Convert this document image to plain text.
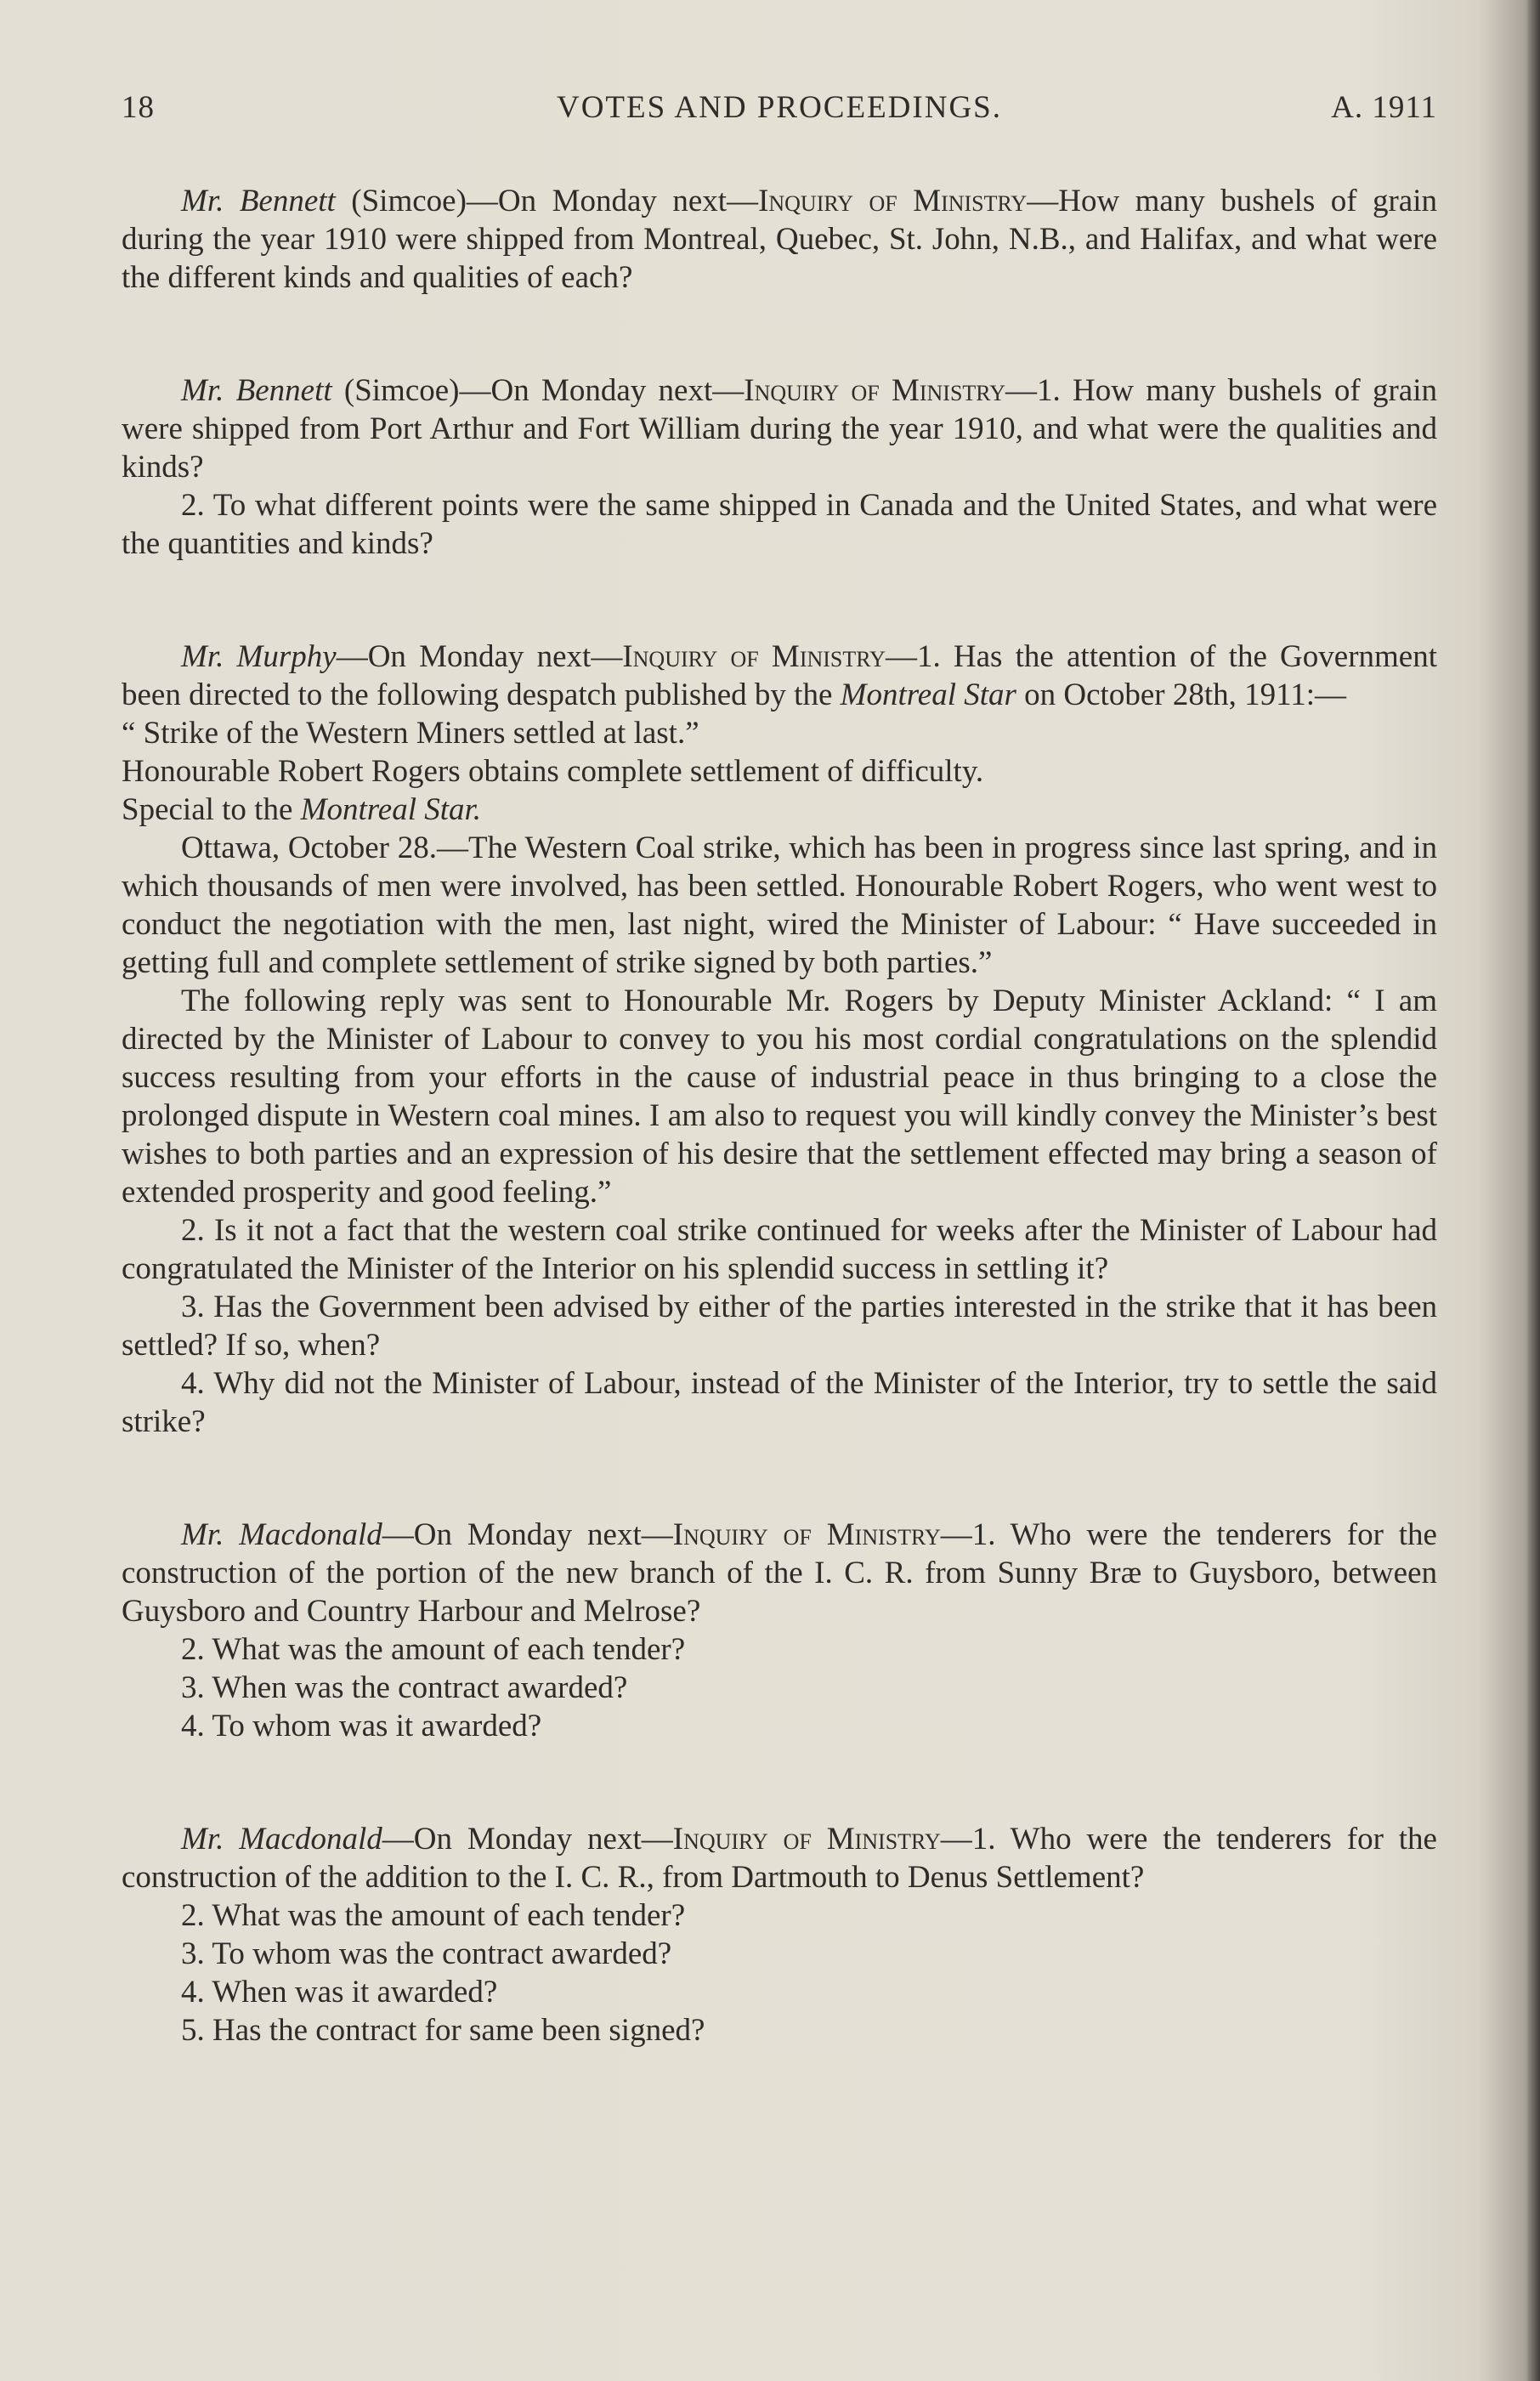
18	VOTES AND PROCEEDINGS.	A. 1911

Mr. Bennett (Simcoe)—On Monday next—Inquiry of Ministry—How many bushels of grain during the year 1910 were shipped from Montreal, Quebec, St. John, N.B., and Halifax, and what were the different kinds and qualities of each?

Mr. Bennett (Simcoe)—On Monday next—Inquiry of Ministry—1. How many bushels of grain were shipped from Port Arthur and Fort William during the year 1910, and what were the qualities and kinds?

2. To what different points were the same shipped in Canada and the United States, and what were the quantities and kinds?

Mr. Murphy—On Monday next—Inquiry of Ministry—1. Has the attention of the Government been directed to the following despatch published by the Montreal Star on October 28th, 1911:—

“ Strike of the Western Miners settled at last.”

Honourable Robert Rogers obtains complete settlement of difficulty.

Special to the Montreal Star.

Ottawa, October 28.—The Western Coal strike, which has been in progress since last spring, and in which thousands of men were involved, has been settled. Honourable Robert Rogers, who went west to conduct the negotiation with the men, last night, wired the Minister of Labour: “ Have succeeded in getting full and complete settlement of strike signed by both parties.”

The following reply was sent to Honourable Mr. Rogers by Deputy Minister Ackland: “ I am directed by the Minister of Labour to convey to you his most cordial congratulations on the splendid success resulting from your efforts in the cause of industrial peace in thus bringing to a close the prolonged dispute in Western coal mines. I am also to request you will kindly convey the Minister’s best wishes to both parties and an expression of his desire that the settlement effected may bring a season of extended prosperity and good feeling.”

2. Is it not a fact that the western coal strike continued for weeks after the Minister of Labour had congratulated the Minister of the Interior on his splendid success in settling it?

3. Has the Government been advised by either of the parties interested in the strike that it has been settled? If so, when?

4. Why did not the Minister of Labour, instead of the Minister of the Interior, try to settle the said strike?

Mr. Macdonald—On Monday next—Inquiry of Ministry—1. Who were the tenderers for the construction of the portion of the new branch of the I. C. R. from Sunny Bræ to Guysboro, between Guysboro and Country Harbour and Melrose?

2. What was the amount of each tender?

3. When was the contract awarded?

4. To whom was it awarded?

Mr. Macdonald—On Monday next—Inquiry of Ministry—1. Who were the tenderers for the construction of the addition to the I. C. R., from Dartmouth to Denus Settlement?

2. What was the amount of each tender?

3. To whom was the contract awarded?

4. When was it awarded?

5. Has the contract for same been signed?
